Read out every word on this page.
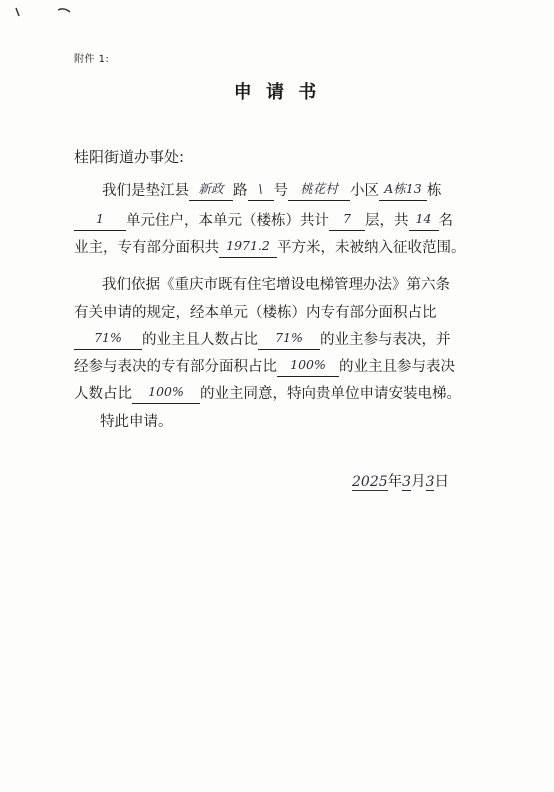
附件 1:
申 请 书
桂阳街道办事处:
我们是垫江县 新政 路 \ 号 桃花村 小区 A栋13 栋
1 单元住户，本单元（楼栋）共计 7 层，共 14 名
业主，专有部分面积共 1971.2 平方米，未被纳入征收范围。
我们依据《重庆市既有住宅增设电梯管理办法》第六条
有关申请的规定，经本单元（楼栋）内专有部分面积占比
71% 的业主且人数占比 71% 的业主参与表决，并
经参与表决的专有部分面积占比 100% 的业主且参与表决
人数占比 100% 的业主同意，特向贵单位申请安装电梯。
特此申请。
2025年3月3日
